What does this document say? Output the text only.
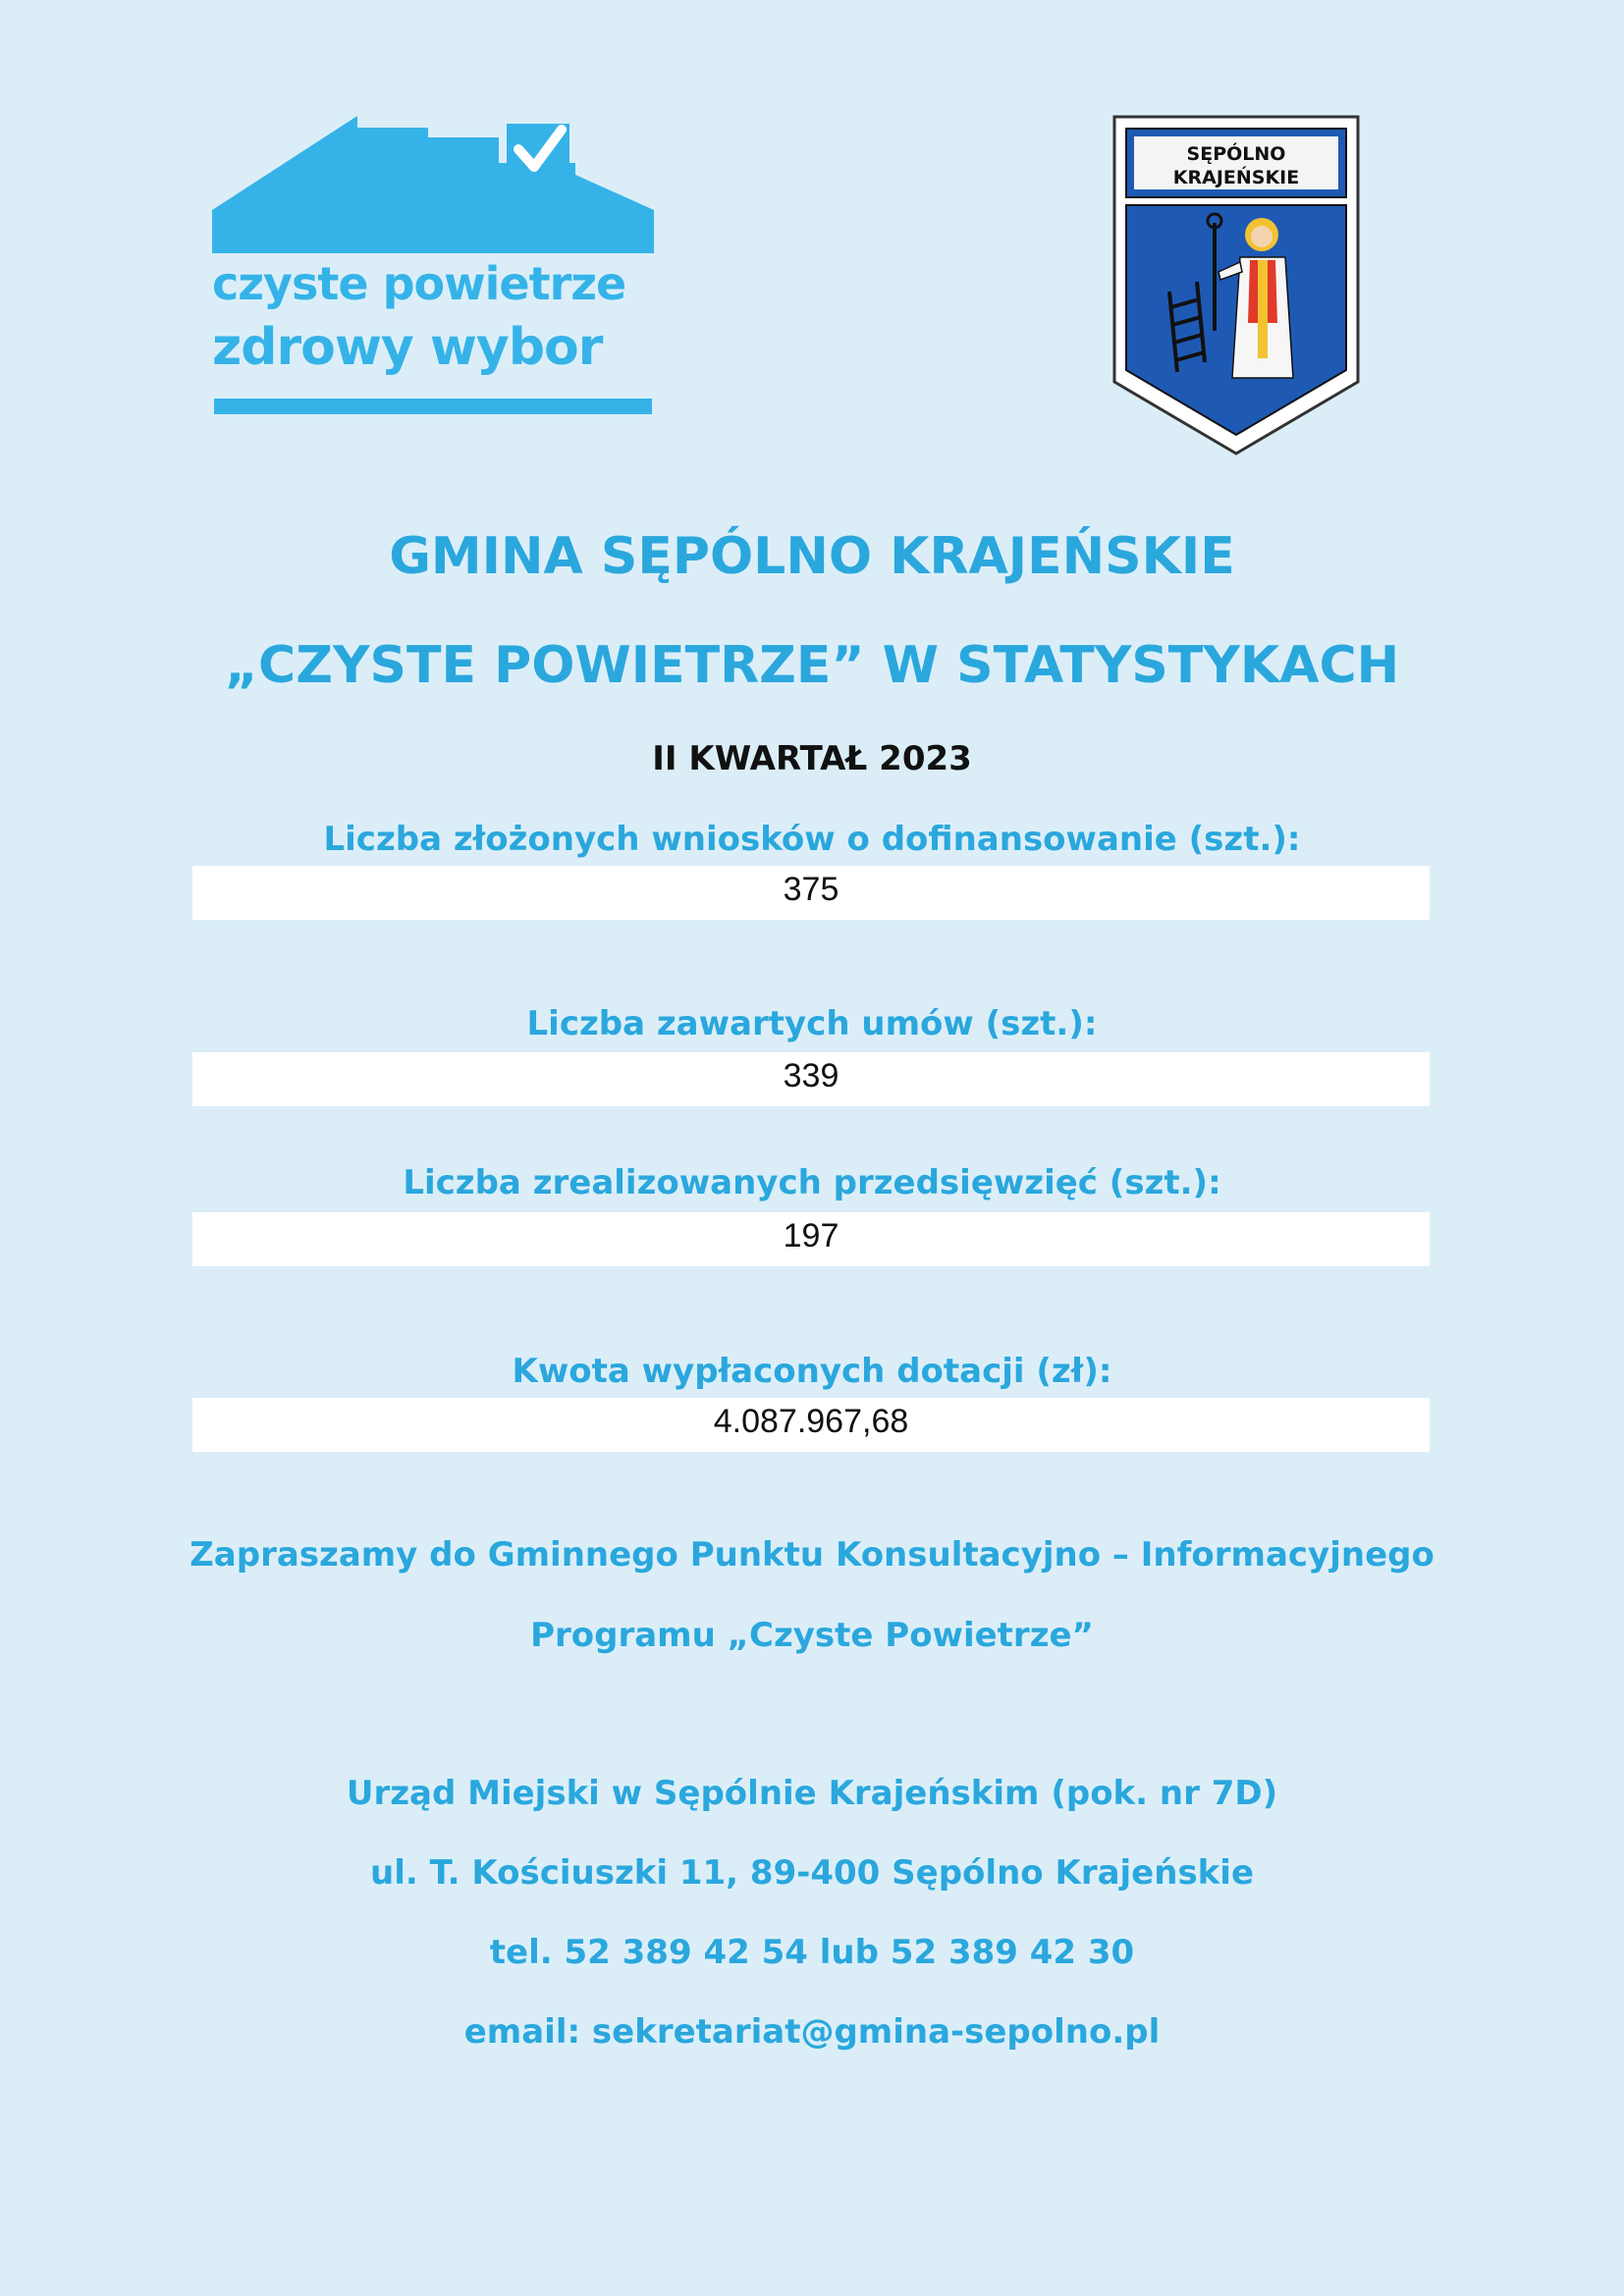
czyste powietrze
zdrowy wybor
SĘPÓLNO
KRAJEŃSKIE
GMINA SĘPÓLNO KRAJEŃSKIE
„CZYSTE POWIETRZE” W STATYSTYKACH
II KWARTAŁ 2023
Liczba złożonych wniosków o dofinansowanie (szt.):
375
Liczba zawartych umów (szt.):
339
Liczba zrealizowanych przedsięwzięć (szt.):
197
Kwota wypłaconych dotacji (zł):
4.087.967,68
Zapraszamy do Gminnego Punktu Konsultacyjno – Informacyjnego
Programu „Czyste Powietrze”
Urząd Miejski w Sępólnie Krajeńskim (pok. nr 7D)
ul. T. Kościuszki 11, 89-400 Sępólno Krajeńskie
tel. 52 389 42 54 lub 52 389 42 30
email: sekretariat@gmina-sepolno.pl
